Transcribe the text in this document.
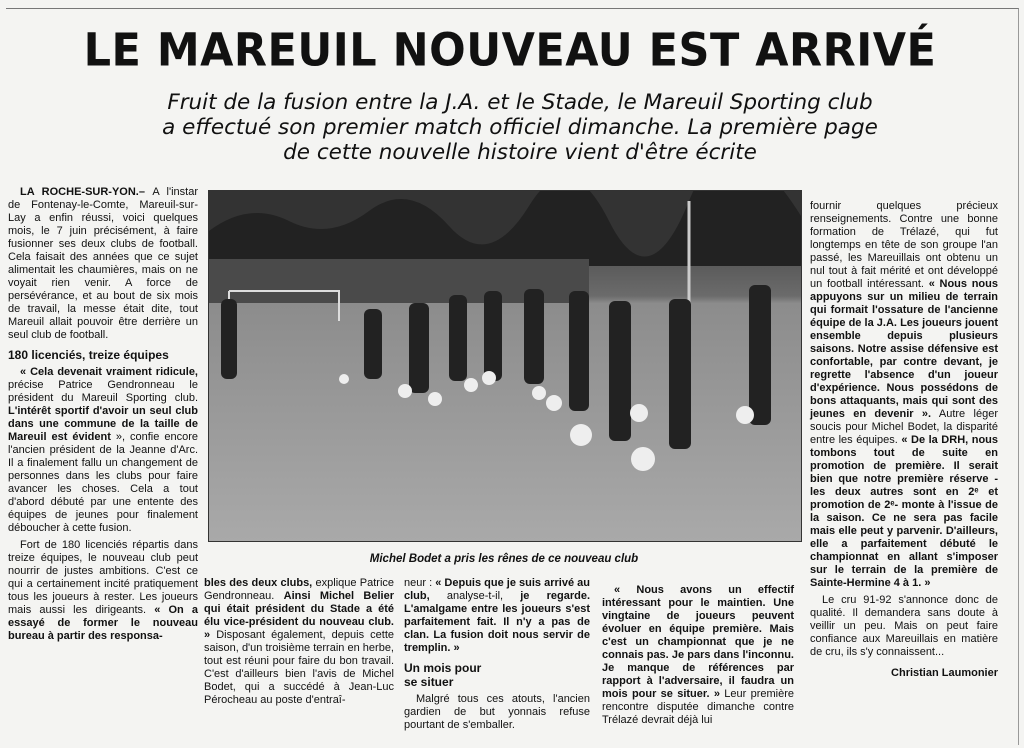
LE MAREUIL NOUVEAU EST ARRIVÉ
Fruit de la fusion entre la J.A. et le Stade, le Mareuil Sporting club
a effectué son premier match officiel dimanche. La première page
de cette nouvelle histoire vient d'être écrite

LA ROCHE-SUR-YON.– A l'instar de Fontenay-le-Comte, Mareuil-sur-Lay a enfin réussi, voici quelques mois, le 7 juin précisément, à faire fusionner ses deux clubs de football. Cela faisait des années que ce sujet alimentait les chaumières, mais on ne voyait rien venir. A force de persévérance, et au bout de six mois de travail, la messe était dite, tout Mareuil allait pouvoir être derrière un seul club de football.

180 licenciés, treize équipes

« Cela devenait vraiment ridicule, précise Patrice Gendronneau le président du Mareuil Sporting club. L'intérêt sportif d'avoir un seul club dans une commune de la taille de Mareuil est évident », confie encore l'ancien président de la Jeanne d'Arc. Il a finalement fallu un changement de personnes dans les clubs pour faire avancer les choses. Cela a tout d'abord débuté par une entente des équipes de jeunes pour finalement déboucher à cette fusion.

Fort de 180 licenciés répartis dans treize équipes, le nouveau club peut nourrir de justes ambitions. C'est ce qui a certainement incité pratiquement tous les joueurs à rester. Les joueurs mais aussi les dirigeants. « On a essayé de former le nouveau bureau à partir des responsa-

Michel Bodet a pris les rênes de ce nouveau club

bles des deux clubs, explique Patrice Gendronneau. Ainsi Michel Belier qui était président du Stade a été élu vice-président du nouveau club. » Disposant également, depuis cette saison, d'un troisième terrain en herbe, tout est réuni pour faire du bon travail. C'est d'ailleurs bien l'avis de Michel Bodet, qui a succédé à Jean-Luc Pérocheau au poste d'entraî-

neur : « Depuis que je suis arrivé au club, analyse-t-il, je regarde. L'amalgame entre les joueurs s'est parfaitement fait. Il n'y a pas de clan. La fusion doit nous servir de tremplin. »

Un mois pour se situer

Malgré tous ces atouts, l'ancien gardien de but yonnais refuse pourtant de s'emballer.

« Nous avons un effectif intéressant pour le maintien. Une vingtaine de joueurs peuvent évoluer en équipe première. Mais c'est un championnat que je ne connais pas. Je pars dans l'inconnu. Je manque de références par rapport à l'adversaire, il faudra un mois pour se situer. » Leur première rencontre disputée dimanche contre Trélazé devrait déjà lui

fournir quelques précieux renseignements. Contre une bonne formation de Trélazé, qui fut longtemps en tête de son groupe l'an passé, les Mareuillais ont obtenu un nul tout à fait mérité et ont développé un football intéressant. « Nous nous appuyons sur un milieu de terrain qui formait l'ossature de l'ancienne équipe de la J.A. Les joueurs jouent ensemble depuis plusieurs saisons. Notre assise défensive est confortable, par contre devant, je regrette l'absence d'un joueur d'expérience. Nous possédons de bons attaquants, mais qui sont des jeunes en devenir ». Autre léger soucis pour Michel Bodet, la disparité entre les équipes. « De la DRH, nous tombons tout de suite en promotion de première. Il serait bien que notre première réserve -les deux autres sont en 2ᵉ et promotion de 2ᵉ- monte à l'issue de la saison. Ce ne sera pas facile mais elle peut y parvenir. D'ailleurs, elle a parfaitement débuté le championnat en allant s'imposer sur le terrain de la première de Sainte-Hermine 4 à 1. »

Le cru 91-92 s'annonce donc de qualité. Il demandera sans doute à veillir un peu. Mais on peut faire confiance aux Mareuillais en matière de cru, ils s'y connaissent...

Christian Laumonier
